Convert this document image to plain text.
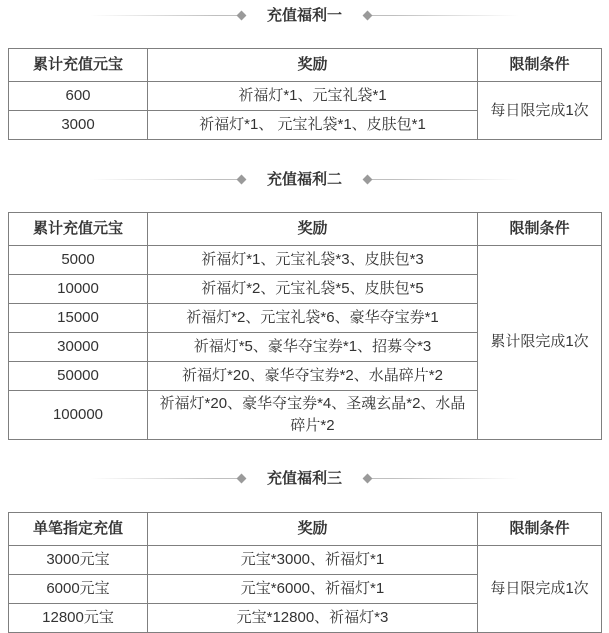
充值福利一
累计充值元宝	奖励	限制条件
600	祈福灯*1、元宝礼袋*1	每日限完成1次
3000	祈福灯*1、 元宝礼袋*1、皮肤包*1	
充值福利二
累计充值元宝	奖励	限制条件
5000	祈福灯*1、元宝礼袋*3、皮肤包*3	累计限完成1次
10000	祈福灯*2、元宝礼袋*5、皮肤包*5	
15000	祈福灯*2、元宝礼袋*6、豪华夺宝券*1	
30000	祈福灯*5、豪华夺宝券*1、招募令*3	
50000	祈福灯*20、豪华夺宝券*2、水晶碎片*2	
100000	祈福灯*20、豪华夺宝券*4、圣魂玄晶*2、水晶碎片*2	
充值福利三
单笔指定充值	奖励	限制条件
3000元宝	元宝*3000、祈福灯*1	每日限完成1次
6000元宝	元宝*6000、祈福灯*1	
12800元宝	元宝*12800、祈福灯*3	
